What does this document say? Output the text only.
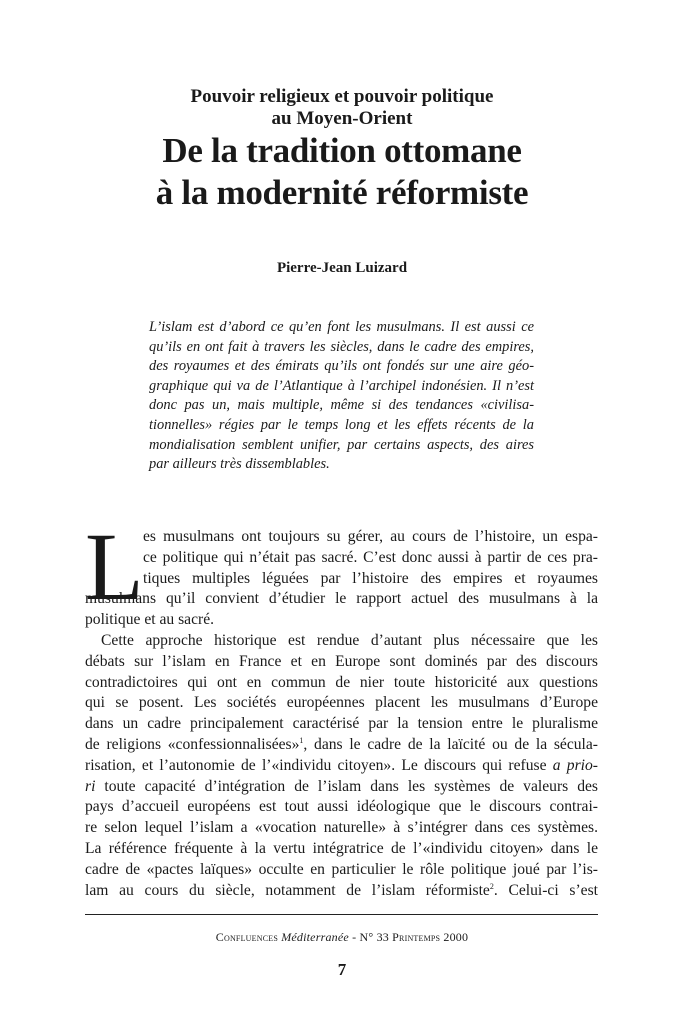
Pouvoir religieux et pouvoir politique
au Moyen-Orient
De la tradition ottomane
à la modernité réformiste
Pierre-Jean Luizard
L’islam est d’abord ce qu’en font les musulmans. Il est aussi ce
qu’ils en ont fait à travers les siècles, dans le cadre des empires,
des royaumes et des émirats qu’ils ont fondés sur une aire géo-
graphique qui va de l’Atlantique à l’archipel indonésien. Il n’est
donc pas un, mais multiple, même si des tendances «civilisa-
tionnelles» régies par le temps long et les effets récents de la
mondialisation semblent unifier, par certains aspects, des aires
par ailleurs très dissemblables.
L es musulmans ont toujours su gérer, au cours de l’histoire, un espa-
ce politique qui n’était pas sacré. C’est donc aussi à partir de ces pra-
tiques multiples léguées par l’histoire des empires et royaumes
musulmans qu’il convient d’étudier le rapport actuel des musulmans à la
politique et au sacré.
Cette approche historique est rendue d’autant plus nécessaire que les
débats sur l’islam en France et en Europe sont dominés par des discours
contradictoires qui ont en commun de nier toute historicité aux questions
qui se posent. Les sociétés européennes placent les musulmans d’Europe
dans un cadre principalement caractérisé par la tension entre le pluralisme
de religions «confessionnalisées»$^1$, dans le cadre de la laïcité ou de la sécula-
risation, et l’autonomie de l’«individu citoyen». Le discours qui refuse a prio-
ri toute capacité d’intégration de l’islam dans les systèmes de valeurs des
pays d’accueil européens est tout aussi idéologique que le discours contrai-
re selon lequel l’islam a «vocation naturelle» à s’intégrer dans ces systèmes.
La référence fréquente à la vertu intégratrice de l’«individu citoyen» dans le
cadre de «pactes laïques» occulte en particulier le rôle politique joué par l’is-
lam au cours du siècle, notamment de l’islam réformiste$^2$. Celui-ci s’est
Confluences Méditerranée - N° 33 Printemps 2000
7
